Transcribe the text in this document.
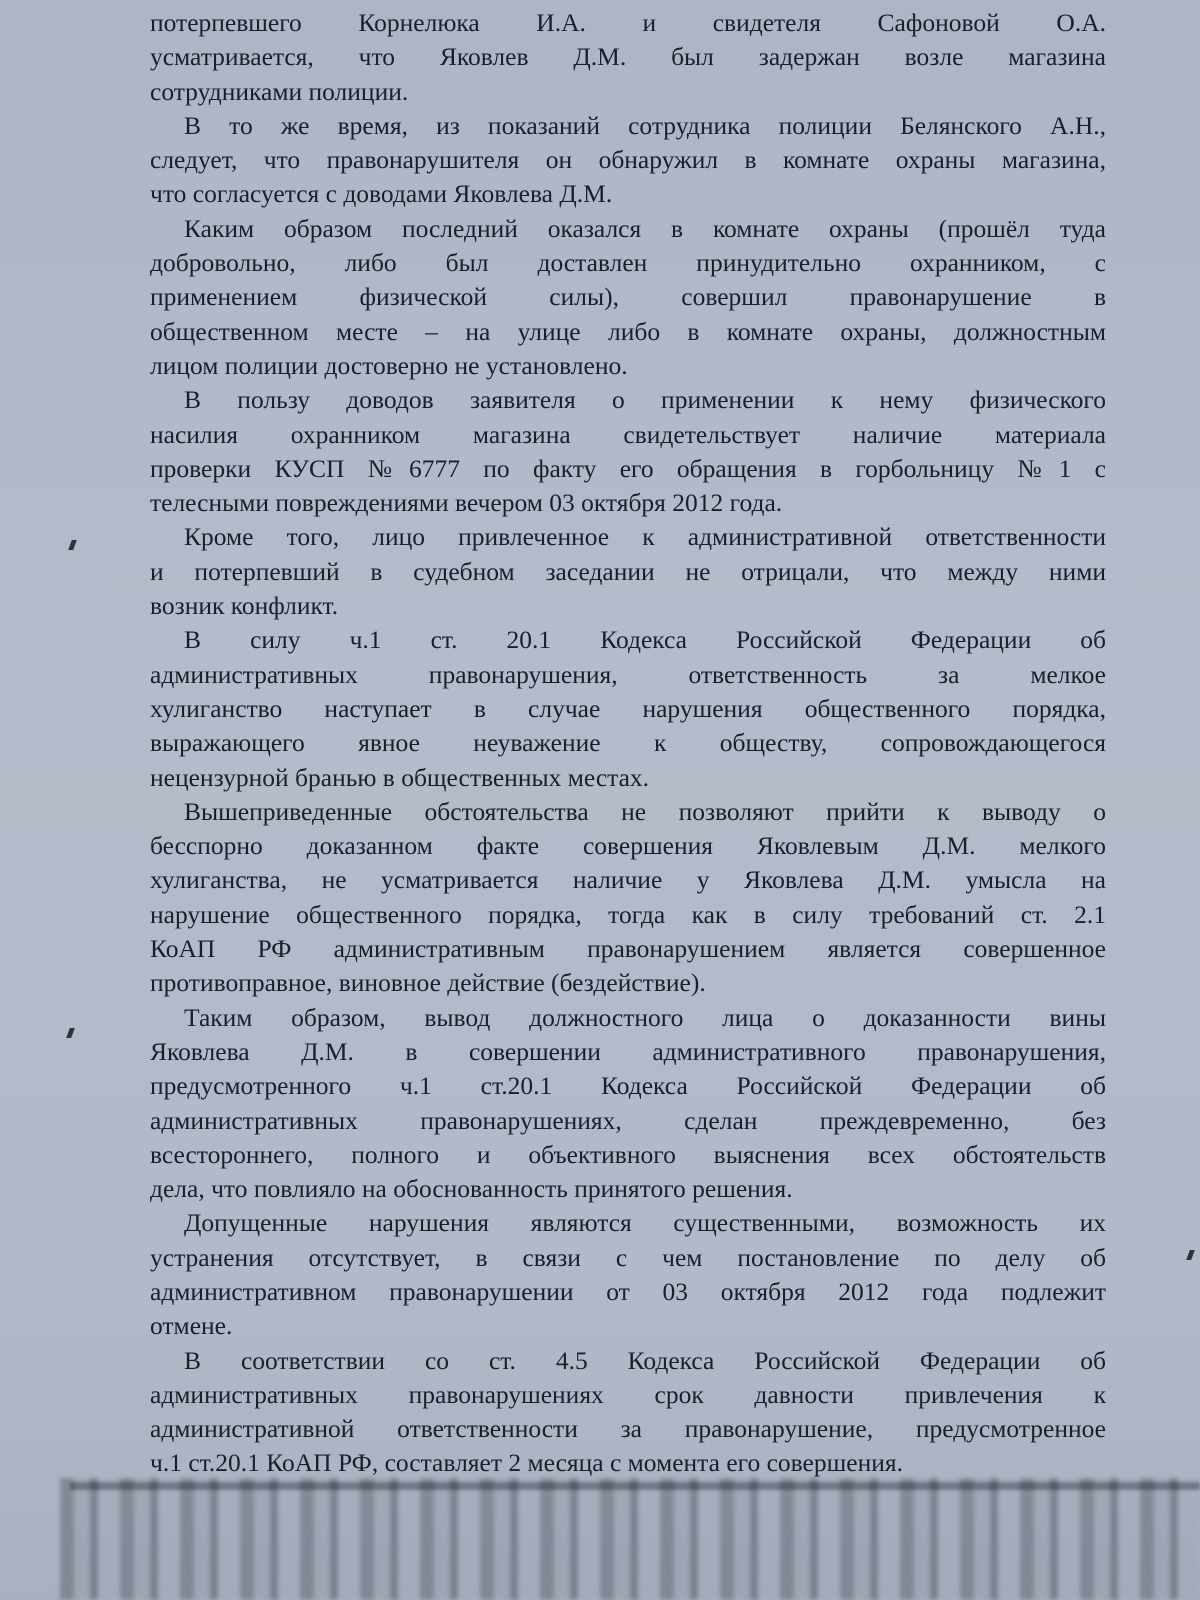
потерпевшего Корнелюка И.А. и свидетеля Сафоновой О.А.
усматривается, что Яковлев Д.М. был задержан возле магазина
сотрудниками полиции.
В то же время, из показаний сотрудника полиции Белянского А.Н.,
следует, что правонарушителя он обнаружил в комнате охраны магазина,
что согласуется с доводами Яковлева Д.М.
Каким образом последний оказался в комнате охраны (прошёл туда
добровольно, либо был доставлен принудительно охранником, с
применением физической силы), совершил правонарушение в
общественном месте – на улице либо в комнате охраны, должностным
лицом полиции достоверно не установлено.
В пользу доводов заявителя о применении к нему физического
насилия охранником магазина свидетельствует наличие материала
проверки КУСП №6777 по факту его обращения в горбольницу №1 с
телесными повреждениями вечером 03 октября 2012 года.
Кроме того, лицо привлеченное к административной ответственности
и потерпевший в судебном заседании не отрицали, что между ними
возник конфликт.
В силу ч.1 ст. 20.1 Кодекса Российской Федерации об
административных правонарушения, ответственность за мелкое
хулиганство наступает в случае нарушения общественного порядка,
выражающего явное неуважение к обществу, сопровождающегося
нецензурной бранью в общественных местах.
Вышеприведенные обстоятельства не позволяют прийти к выводу о
бесспорно доказанном факте совершения Яковлевым Д.М. мелкого
хулиганства, не усматривается наличие у Яковлева Д.М. умысла на
нарушение общественного порядка, тогда как в силу требований ст. 2.1
КоАП РФ административным правонарушением является совершенное
противоправное, виновное действие (бездействие).
Таким образом, вывод должностного лица о доказанности вины
Яковлева Д.М. в совершении административного правонарушения,
предусмотренного ч.1 ст.20.1 Кодекса Российской Федерации об
административных правонарушениях, сделан преждевременно, без
всестороннего, полного и объективного выяснения всех обстоятельств
дела, что повлияло на обоснованность принятого решения.
Допущенные нарушения являются существенными, возможность их
устранения отсутствует, в связи с чем постановление по делу об
административном правонарушении от 03 октября 2012 года подлежит
отмене.
В соответствии со ст. 4.5 Кодекса Российской Федерации об
административных правонарушениях срок давности привлечения к
административной ответственности за правонарушение, предусмотренное
ч.1 ст.20.1 КоАП РФ, составляет 2 месяца с момента его совершения.
